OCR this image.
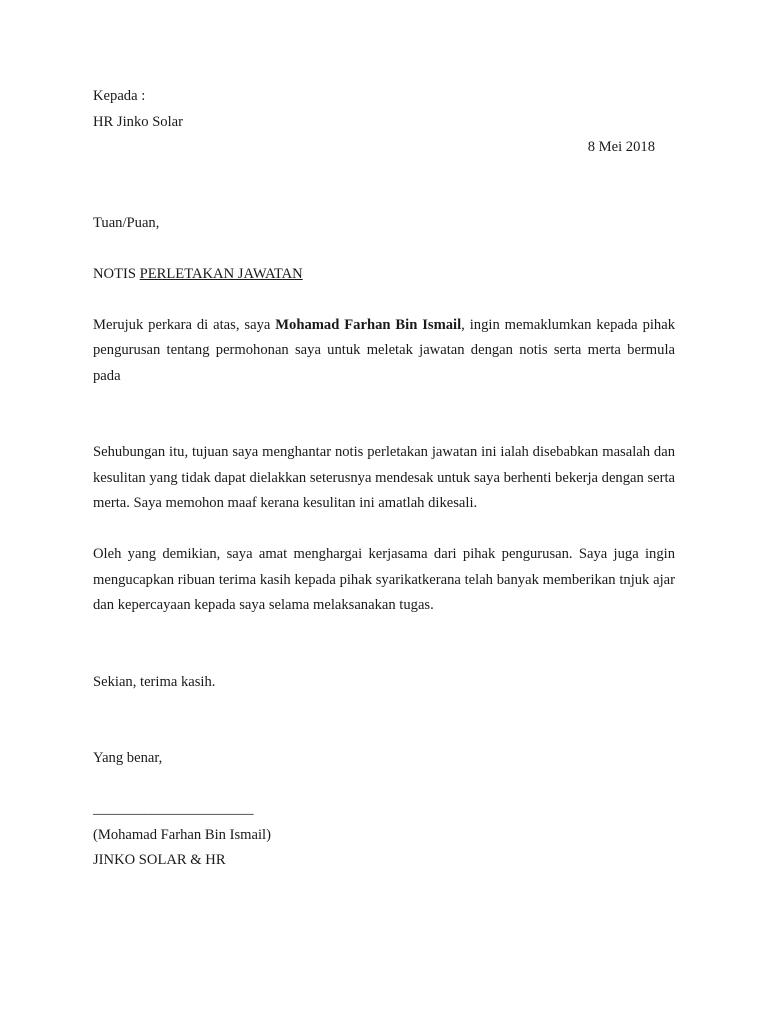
Kepada :
HR Jinko Solar
8 Mei 2018
Tuan/Puan,
NOTIS PERLETAKAN JAWATAN
Merujuk perkara di atas, saya Mohamad Farhan Bin Ismail, ingin memaklumkan kepada pihak pengurusan tentang permohonan saya untuk meletak jawatan dengan notis serta merta bermula pada
Sehubungan itu, tujuan saya menghantar notis perletakan jawatan ini ialah disebabkan masalah dan kesulitan yang tidak dapat dielakkan seterusnya mendesak untuk saya berhenti bekerja dengan serta merta. Saya memohon maaf kerana kesulitan ini amatlah dikesali.
Oleh yang demikian, saya amat menghargai kerjasama dari pihak pengurusan. Saya juga ingin mengucapkan ribuan terima kasih kepada pihak syarikatkerana telah banyak memberikan tnjuk ajar dan kepercayaan kepada saya selama melaksanakan tugas.
Sekian, terima kasih.
Yang benar,
______________________
(Mohamad Farhan Bin Ismail)
JINKO SOLAR & HR
